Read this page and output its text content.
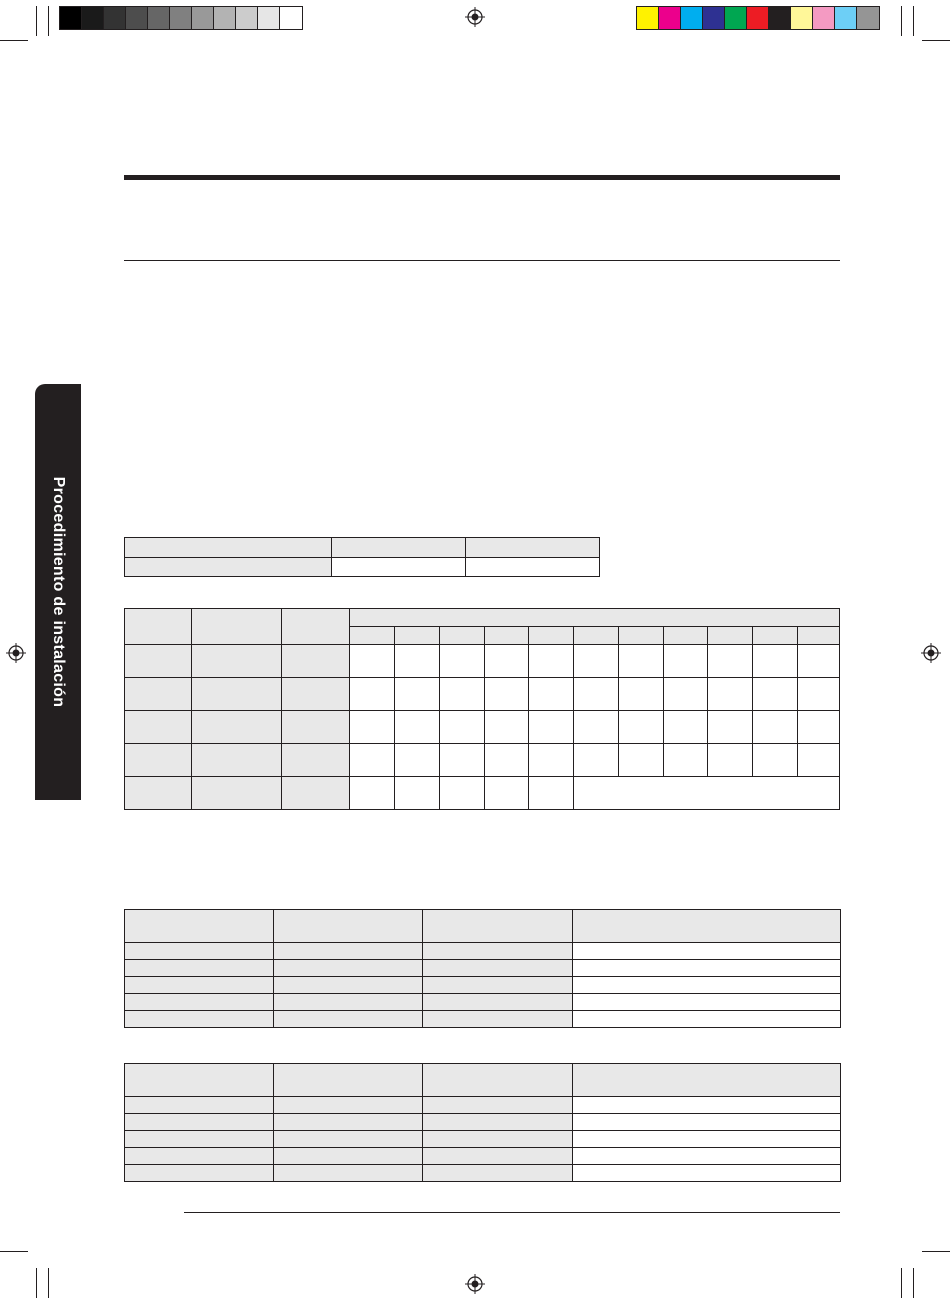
Procedimiento de instalación
